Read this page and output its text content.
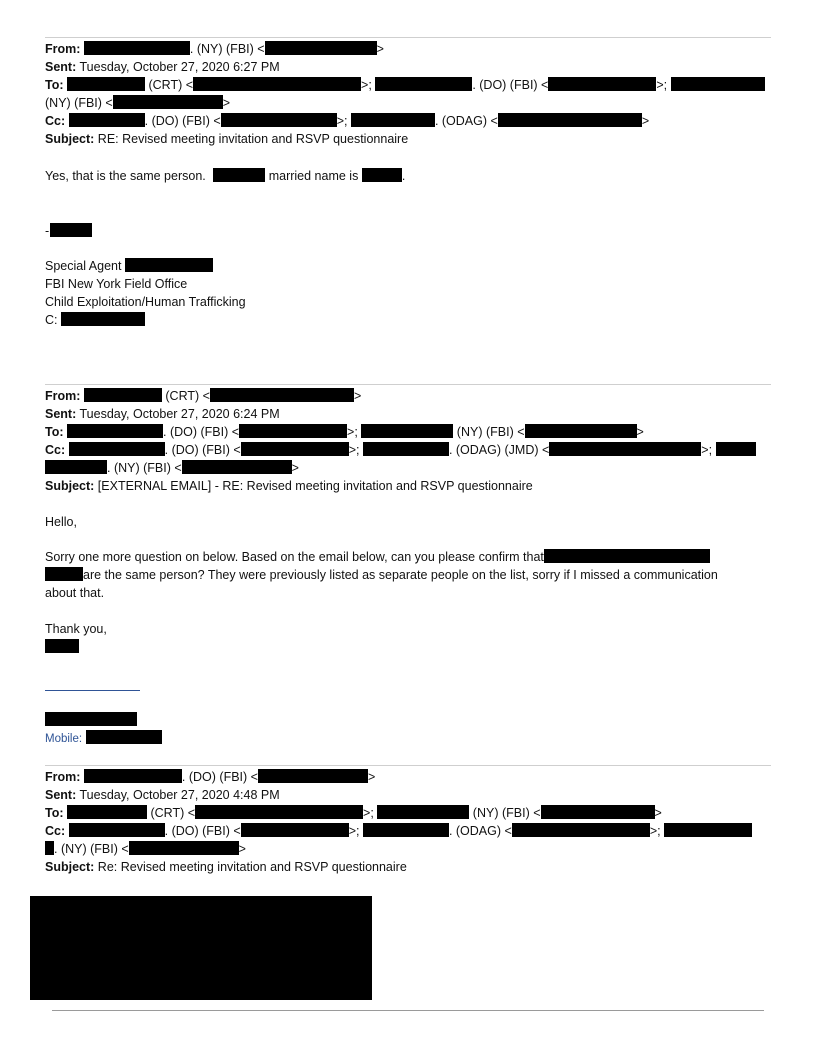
From:	. (NY) (FBI) <	>
Sent: Tuesday, October 27, 2020 6:27 PM
To:	(CRT) <	>;	. (DO) (FBI) <	>;
(NY) (FBI) <	>
Cc:	. (DO) (FBI) <	>;	. (ODAG) <	>
Subject: RE: Revised meeting invitation and RSVP questionnaire
Yes, that is the same person.	married name is	.
-
Special Agent
FBI New York Field Office
Child Exploitation/Human Trafficking
C:
From:	(CRT) <	>
Sent: Tuesday, October 27, 2020 6:24 PM
To:	. (DO) (FBI) <	>;	(NY) (FBI) <	>
Cc:	. (DO) (FBI) <	>;	. (ODAG) (JMD) <	>;
. (NY) (FBI) <	>
Subject: [EXTERNAL EMAIL] - RE: Revised meeting invitation and RSVP questionnaire
Hello,
Sorry one more question on below. Based on the email below, can you please confirm that
are the same person? They were previously listed as separate people on the list, sorry if I missed a communication
about that.
Thank you,
Mobile:
From:	. (DO) (FBI) <	>
Sent: Tuesday, October 27, 2020 4:48 PM
To:	(CRT) <	>;	(NY) (FBI) <	>
Cc:	. (DO) (FBI) <	>;	. (ODAG) <	>;
. (NY) (FBI) <	>
Subject: Re: Revised meeting invitation and RSVP questionnaire
